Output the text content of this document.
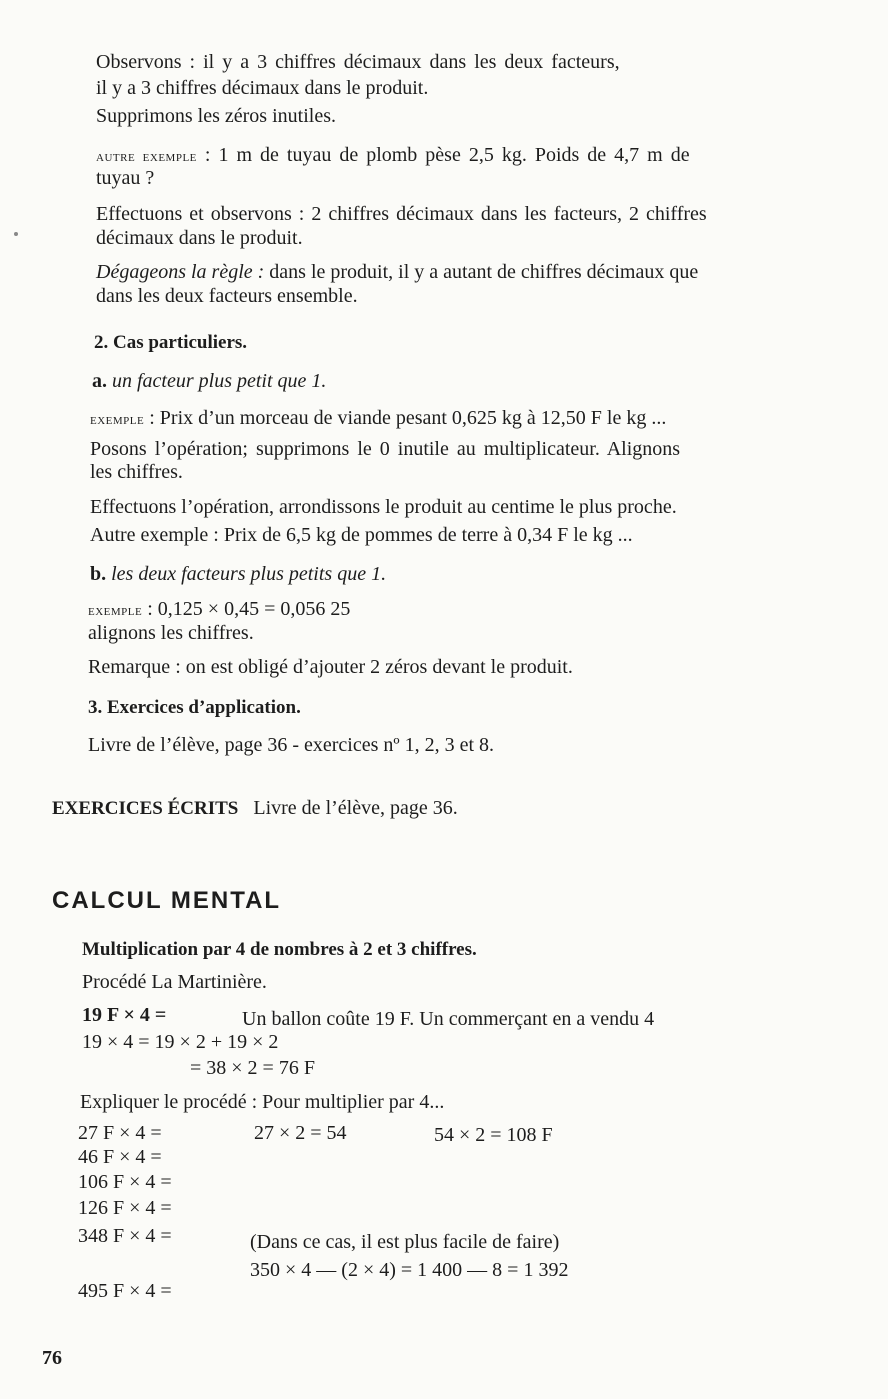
Observons : il y a 3 chiffres décimaux dans les deux facteurs,
il y a 3 chiffres décimaux dans le produit.
Supprimons les zéros inutiles.
autre exemple : 1 m de tuyau de plomb pèse 2,5 kg. Poids de 4,7 m de
tuyau ?
Effectuons et observons : 2 chiffres décimaux dans les facteurs, 2 chiffres
décimaux dans le produit.
Dégageons la règle : dans le produit, il y a autant de chiffres décimaux que
dans les deux facteurs ensemble.
2. Cas particuliers.
a. un facteur plus petit que 1.
exemple : Prix d’un morceau de viande pesant 0,625 kg à 12,50 F le kg ...
Posons l’opération; supprimons le 0 inutile au multiplicateur. Alignons
les chiffres.
Effectuons l’opération, arrondissons le produit au centime le plus proche.
Autre exemple : Prix de 6,5 kg de pommes de terre à 0,34 F le kg ...
b. les deux facteurs plus petits que 1.
exemple : 0,125 × 0,45 = 0,056 25
alignons les chiffres.
Remarque : on est obligé d’ajouter 2 zéros devant le produit.
3. Exercices d’application.
Livre de l’élève, page 36 - exercices nº 1, 2, 3 et 8.
EXERCICES ÉCRITS Livre de l’élève, page 36.
CALCUL MENTAL
Multiplication par 4 de nombres à 2 et 3 chiffres.
Procédé La Martinière.
19 F × 4 =	Un ballon coûte 19 F. Un commerçant en a vendu 4
19 × 4 = 19 × 2 + 19 × 2
= 38 × 2 = 76 F
Expliquer le procédé : Pour multiplier par 4...
27 F × 4 =	27 × 2 = 54	54 × 2 = 108 F
46 F × 4 =
106 F × 4 =
126 F × 4 =
348 F × 4 =	(Dans ce cas, il est plus facile de faire)
350 × 4 — (2 × 4) = 1 400 — 8 = 1 392
495 F × 4 =
76
